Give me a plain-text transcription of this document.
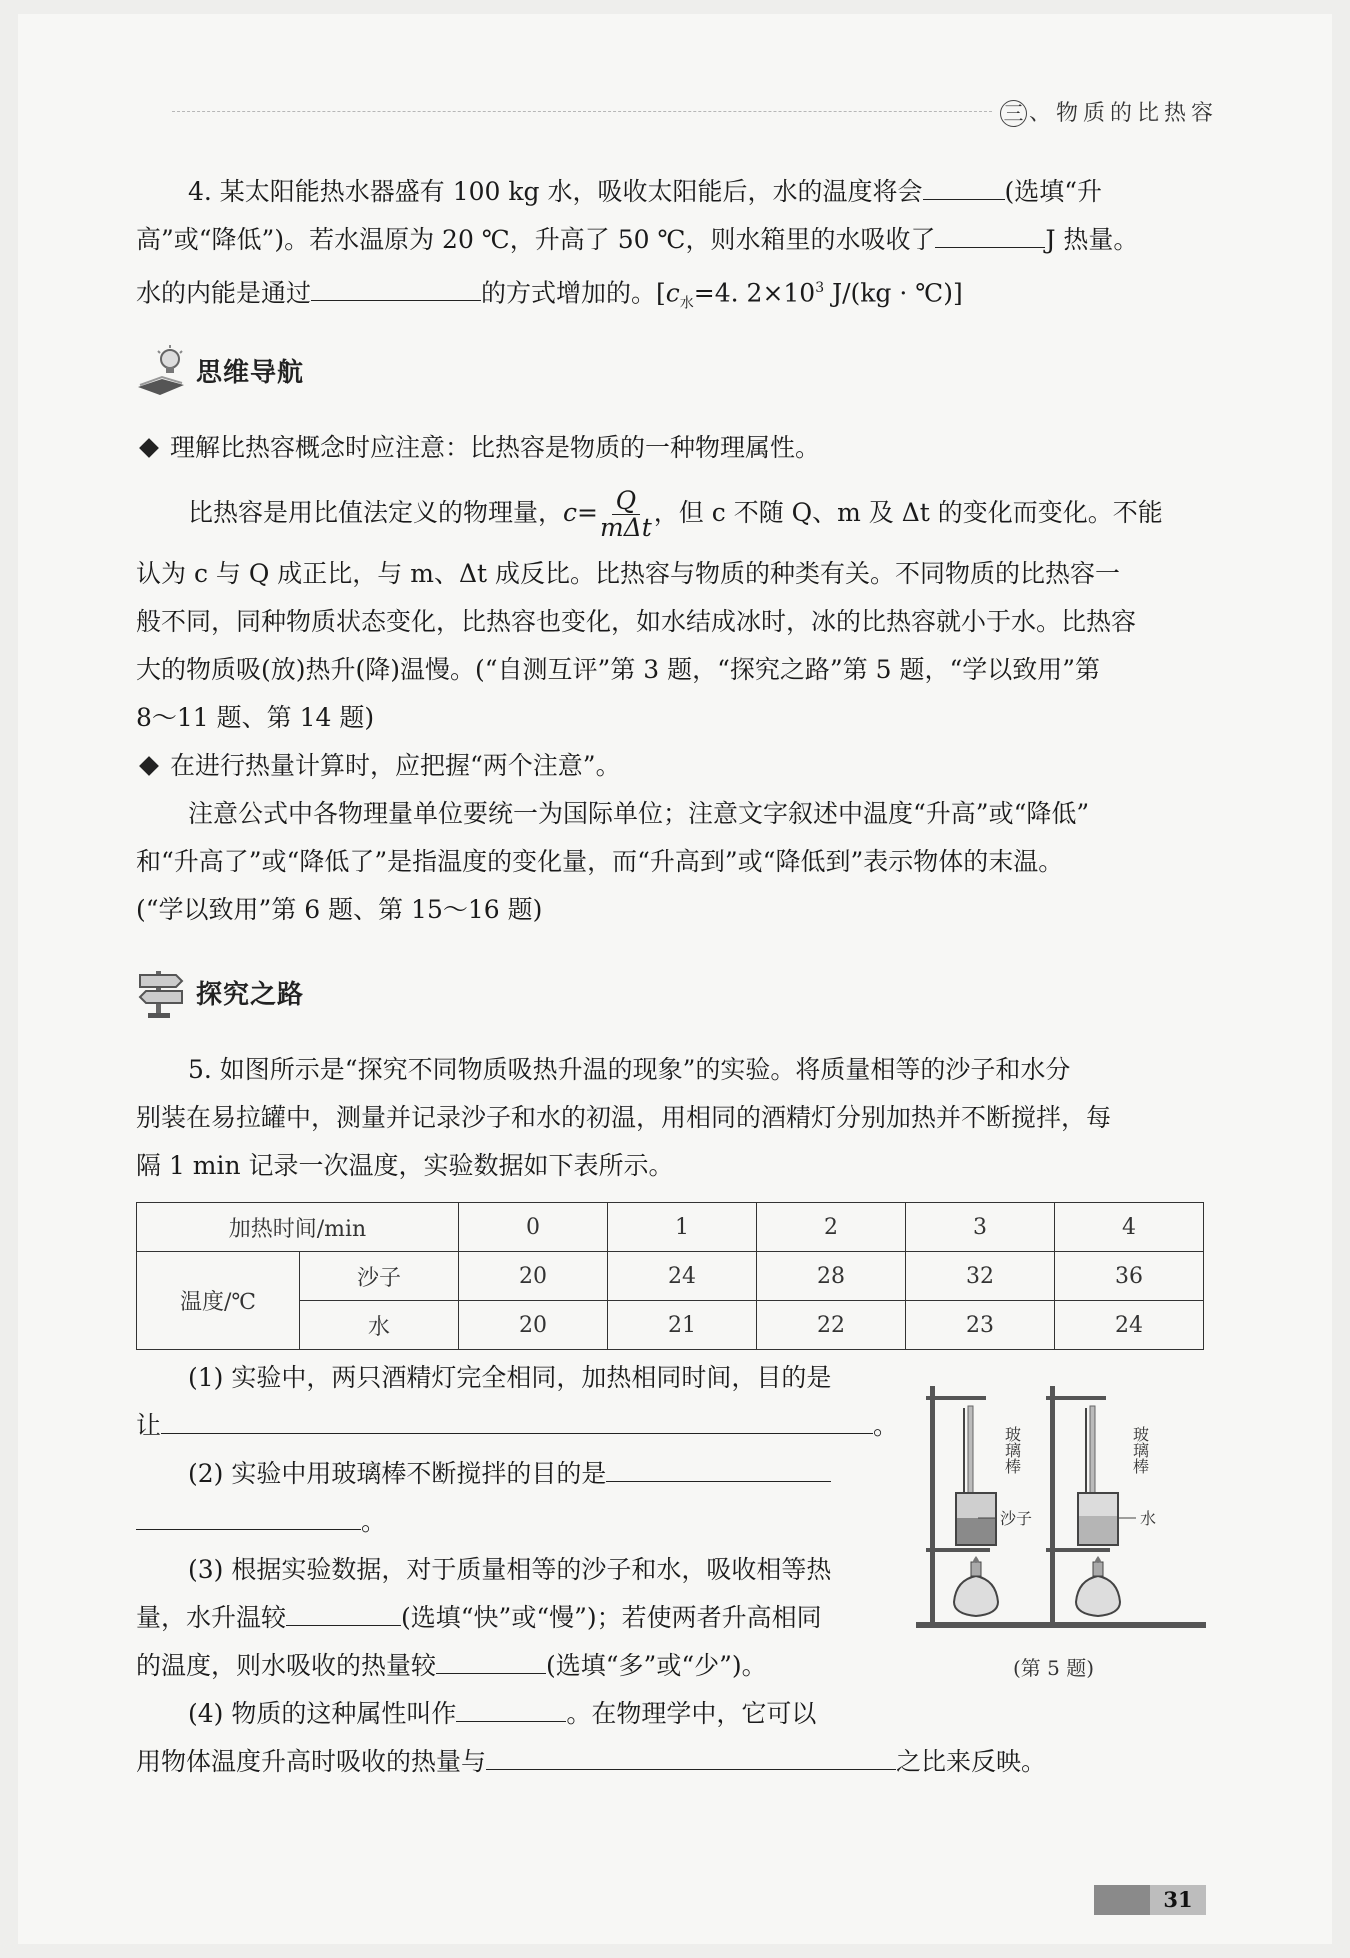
三 、物质的比热容
4. 某太阳能热水器盛有 100 kg 水，吸收太阳能后，水的温度将会	(选填“升
高”或“降低”)。若水温原为 20 ℃，升高了 50 ℃，则水箱里的水吸收了	J 热量。
水的内能是通过	的方式增加的。[$c_水=4$. $2\times 10^3$ J/(kg · ℃)]
思维导航
理解比热容概念时应注意：比热容是物质的一种物理属性。
比热容是用比值法定义的物理量，$c= \frac{Q}{\text{mΔt}}$ ，但 c 不随 Q、m 及 Δt 的变化而变化。不能
认为 c 与 Q 成正比，与 m、Δt 成反比。比热容与物质的种类有关。不同物质的比热容一
般不同，同种物质状态变化，比热容也变化，如水结成冰时，冰的比热容就小于水。比热容
大的物质吸(放)热升(降)温慢。(“自测互评”第 3 题，“探究之路”第 5 题，“学以致用”第
8～11 题、第 14 题)
在进行热量计算时，应把握“两个注意”。
注意公式中各物理量单位要统一为国际单位；注意文字叙述中温度“升高”或“降低”
和“升高了”或“降低了”是指温度的变化量，而“升高到”或“降低到”表示物体的末温。
(“学以致用”第 6 题、第 15～16 题)
探究之路
5. 如图所示是“探究不同物质吸热升温的现象”的实验。将质量相等的沙子和水分
别装在易拉罐中，测量并记录沙子和水的初温，用相同的酒精灯分别加热并不断搅拌，每
隔 1 min 记录一次温度，实验数据如下表所示。
加热时间/min		0	1	2	3	4
温度/℃	沙子	20	24	28	32	36
	水	20	21	22	23	24
(1) 实验中，两只酒精灯完全相同，加热相同时间，目的是
让	。
(2) 实验中用玻璃棒不断搅拌的目的是
。
(3) 根据实验数据，对于质量相等的沙子和水，吸收相等热
量，水升温较	(选填“快”或“慢”)；若使两者升高相同
的温度，则水吸收的热量较	(选填“多”或“少”)。
(4) 物质的这种属性叫作	。在物理学中，它可以
用物体温度升高时吸收的热量与	之比来反映。
玻璃棒	玻璃棒
沙子	水
(第 5 题)
31
